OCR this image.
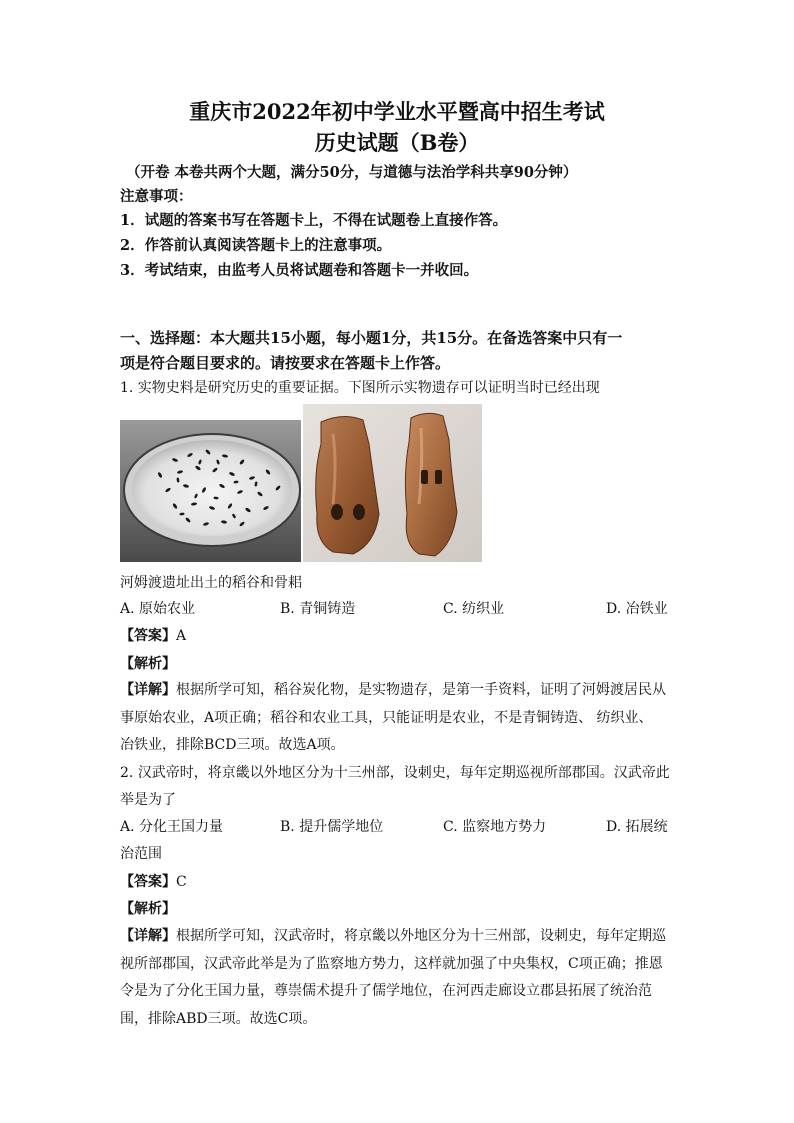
重庆市2022年初中学业水平暨高中招生考试
历史试题（B卷）
（开卷 本卷共两个大题，满分50分，与道德与法治学科共享90分钟）
注意事项：
1．试题的答案书写在答题卡上，不得在试题卷上直接作答。
2．作答前认真阅读答题卡上的注意事项。
3．考试结束，由监考人员将试题卷和答题卡一并收回。
一、选择题：本大题共15小题，每小题1分，共15分。在备选答案中只有一
项是符合题目要求的。请按要求在答题卡上作答。
1. 实物史料是研究历史的重要证据。下图所示实物遗存可以证明当时已经出现
河姆渡遗址出土的稻谷和骨耜
A. 原始农业	B. 青铜铸造	C. 纺织业	D. 冶铁业
【答案】A
【解析】
【详解】根据所学可知，稻谷炭化物，是实物遗存，是第一手资料，证明了河姆渡居民从
事原始农业，A项正确；稻谷和农业工具，只能证明是农业，不是青铜铸造、 纺织业、
冶铁业，排除BCD三项。故选A项。
2. 汉武帝时，将京畿以外地区分为十三州部，设刺史，每年定期巡视所部郡国。汉武帝此
举是为了
A. 分化王国力量	B. 提升儒学地位	C. 监察地方势力	D. 拓展统
治范围
【答案】C
【解析】
【详解】根据所学可知，汉武帝时，将京畿以外地区分为十三州部，设刺史，每年定期巡
视所部郡国，汉武帝此举是为了监察地方势力，这样就加强了中央集权，C项正确；推恩
令是为了分化王国力量，尊崇儒术提升了儒学地位，在河西走廊设立郡县拓展了统治范
围，排除ABD三项。故选C项。
